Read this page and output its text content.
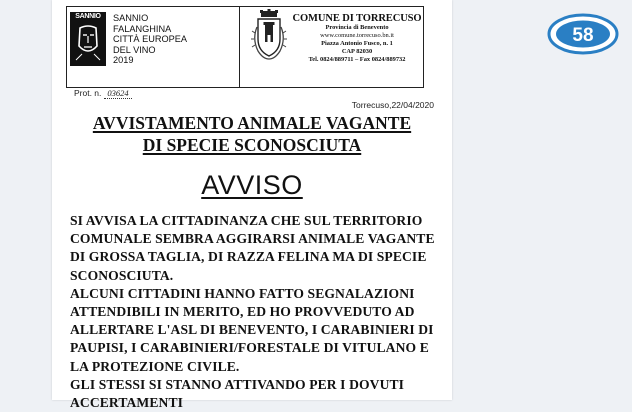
SANNIO	SANNIO
FALANGHINA
CITTÀ EUROPEA
DEL VINO
2019
COMUNE DI TORRECUSO
Provincia di Benevento
www.comune.torrecuso.bn.it
Piazza Antonio Fusco, n. 1
CAP 82030
Tel. 0824/889711 – Fax 0824/889732
Prot. n. 03624
Torrecuso,22/04/2020
AVVISTAMENTO ANIMALE VAGANTE
DI SPECIE SCONOSCIUTA
AVVISO
SI AVVISA LA CITTADINANZA CHE SUL TERRITORIO
COMUNALE SEMBRA AGGIRARSI ANIMALE VAGANTE
DI GROSSA TAGLIA, DI RAZZA FELINA MA DI SPECIE
SCONOSCIUTA.
ALCUNI CITTADINI HANNO FATTO SEGNALAZIONI
ATTENDIBILI IN MERITO, ED HO PROVVEDUTO AD
ALLERTARE L'ASL DI BENEVENTO, I CARABINIERI DI
PAUPISI, I CARABINIERI/FORESTALE DI VITULANO E
LA PROTEZIONE CIVILE.
GLI STESSI SI STANNO ATTIVANDO PER I DOVUTI
ACCERTAMENTI
58
